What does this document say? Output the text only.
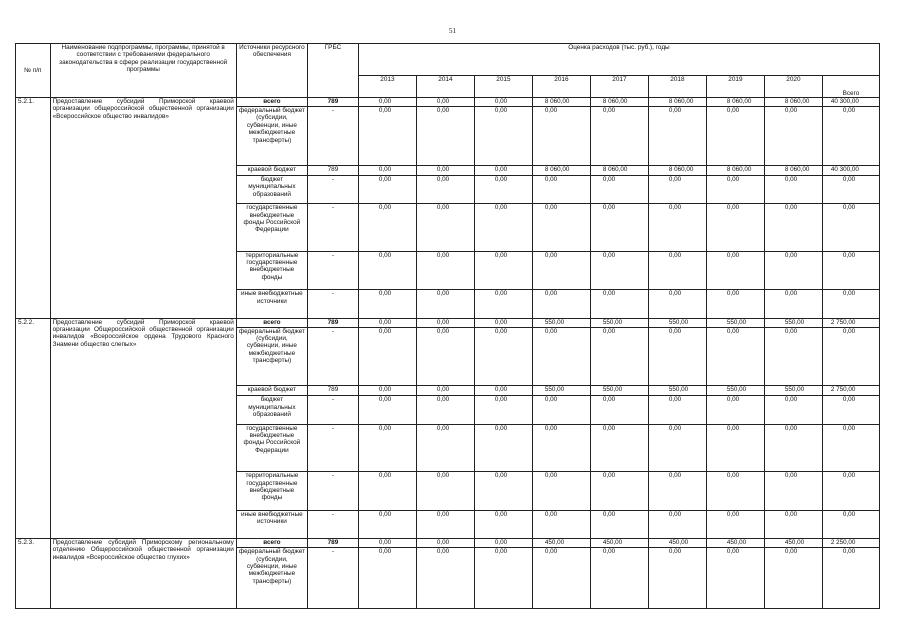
51
№ п/п	Наименование подпрограммы, программы, принятой в соответствии с требованиями федерального законодательства в сфере реализации государственной программы	Источники ресурсного обеспечения	ГРБС	Оценка расходов (тыс. руб.), годы								
				2013	2014	2015	2016	2017	2018	2019	2020	Всего
5.2.1.	Предоставление субсидий Приморской краевой организации общероссийской общественной организации «Всероссийское общество инвалидов»	всего	789	0,00	0,00	0,00	8 060,00	8 060,00	8 060,00	8 060,00	8 060,00	40 300,00
		федеральный бюджет (субсидии, субвенции, иные межбюджетные трансферты)	-	0,00	0,00	0,00	0,00	0,00	0,00	0,00	0,00	0,00
		краевой бюджет	789	0,00	0,00	0,00	8 060,00	8 060,00	8 060,00	8 060,00	8 060,00	40 300,00
		бюджет муниципальных образований	-	0,00	0,00	0,00	0,00	0,00	0,00	0,00	0,00	0,00
		государственные внебюджетные фонды Российской Федерации	-	0,00	0,00	0,00	0,00	0,00	0,00	0,00	0,00	0,00
		территориальные государственные внебюджетные фонды	-	0,00	0,00	0,00	0,00	0,00	0,00	0,00	0,00	0,00
		иные внебюджетные источники	-	0,00	0,00	0,00	0,00	0,00	0,00	0,00	0,00	0,00
5.2.2.	Предоставление субсидий Приморской краевой организации Общероссийской общественной организации инвалидов «Всероссийское ордена Трудового Красного Знамени общество слепых»	всего	789	0,00	0,00	0,00	550,00	550,00	550,00	550,00	550,00	2 750,00
		федеральный бюджет (субсидии, субвенции, иные межбюджетные трансферты)	-	0,00	0,00	0,00	0,00	0,00	0,00	0,00	0,00	0,00
		краевой бюджет	789	0,00	0,00	0,00	550,00	550,00	550,00	550,00	550,00	2 750,00
		бюджет муниципальных образований	-	0,00	0,00	0,00	0,00	0,00	0,00	0,00	0,00	0,00
		государственные внебюджетные фонды Российской Федерации	-	0,00	0,00	0,00	0,00	0,00	0,00	0,00	0,00	0,00
		территориальные государственные внебюджетные фонды	-	0,00	0,00	0,00	0,00	0,00	0,00	0,00	0,00	0,00
		иные внебюджетные источники	-	0,00	0,00	0,00	0,00	0,00	0,00	0,00	0,00	0,00
5.2.3.	Предоставление субсидий Приморскому региональному отделению Общероссийской общественной организации инвалидов «Всероссийское общество глухих»	всего	789	0,00	0,00	0,00	450,00	450,00	450,00	450,00	450,00	2 250,00
		федеральный бюджет (субсидии, субвенции, иные межбюджетные трансферты)	-	0,00	0,00	0,00	0,00	0,00	0,00	0,00	0,00	0,00
